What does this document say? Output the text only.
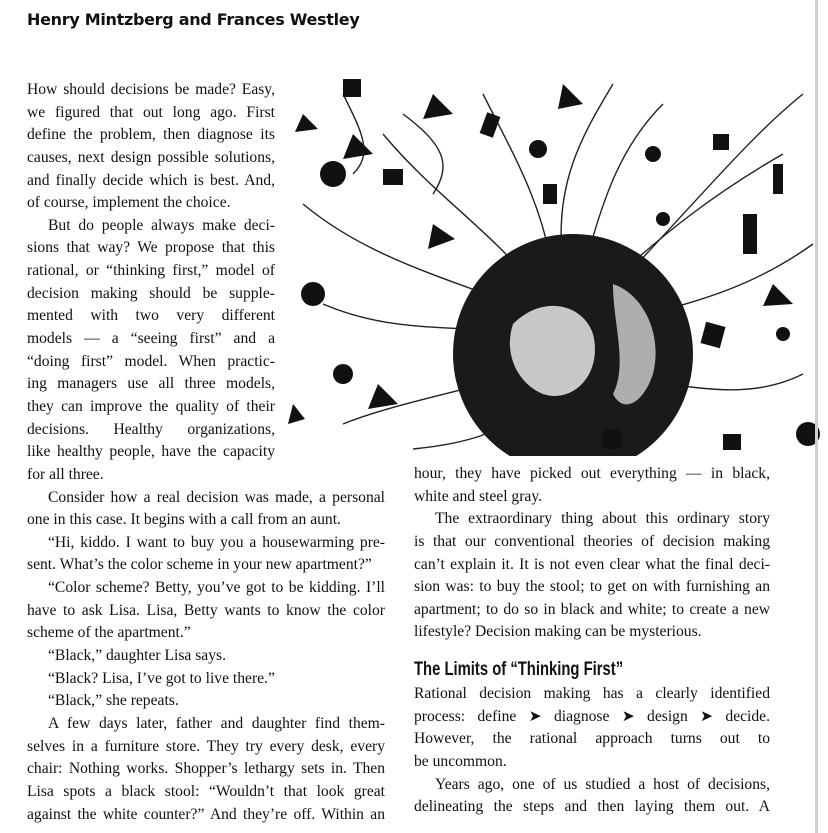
Henry Mintzberg and Frances Westley
How should decisions be made? Easy,
we figured that out long ago. First
define the problem, then diagnose its
causes, next design possible solutions,
and finally decide which is best. And,
of course, implement the choice.
But do people always make deci-
sions that way? We propose that this
rational, or “thinking first,” model of
decision making should be supple-
mented with two very different
models — a “seeing first” and a
“doing first” model. When practic-
ing managers use all three models,
they can improve the quality of their
decisions. Healthy organizations,
like healthy people, have the capacity
for all three.
Consider how a real decision was made, a personal
one in this case. It begins with a call from an aunt.
“Hi, kiddo. I want to buy you a housewarming pre-
sent. What’s the color scheme in your new apartment?”
“Color scheme? Betty, you’ve got to be kidding. I’ll
have to ask Lisa. Lisa, Betty wants to know the color
scheme of the apartment.”
“Black,” daughter Lisa says.
“Black? Lisa, I’ve got to live there.”
“Black,” she repeats.
A few days later, father and daughter find them-
selves in a furniture store. They try every desk, every
chair: Nothing works. Shopper’s lethargy sets in. Then
Lisa spots a black stool: “Wouldn’t that look great
against the white counter?” And they’re off. Within an
hour, they have picked out everything — in black,
white and steel gray.
The extraordinary thing about this ordinary story
is that our conventional theories of decision making
can’t explain it. It is not even clear what the final deci-
sion was: to buy the stool; to get on with furnishing an
apartment; to do so in black and white; to create a new
lifestyle? Decision making can be mysterious.
The Limits of “Thinking First”
Rational decision making has a clearly identified
process: define ➤ diagnose ➤ design ➤ decide.
However, the rational approach turns out to
be uncommon.
Years ago, one of us studied a host of decisions,
delineating the steps and then laying them out. A
